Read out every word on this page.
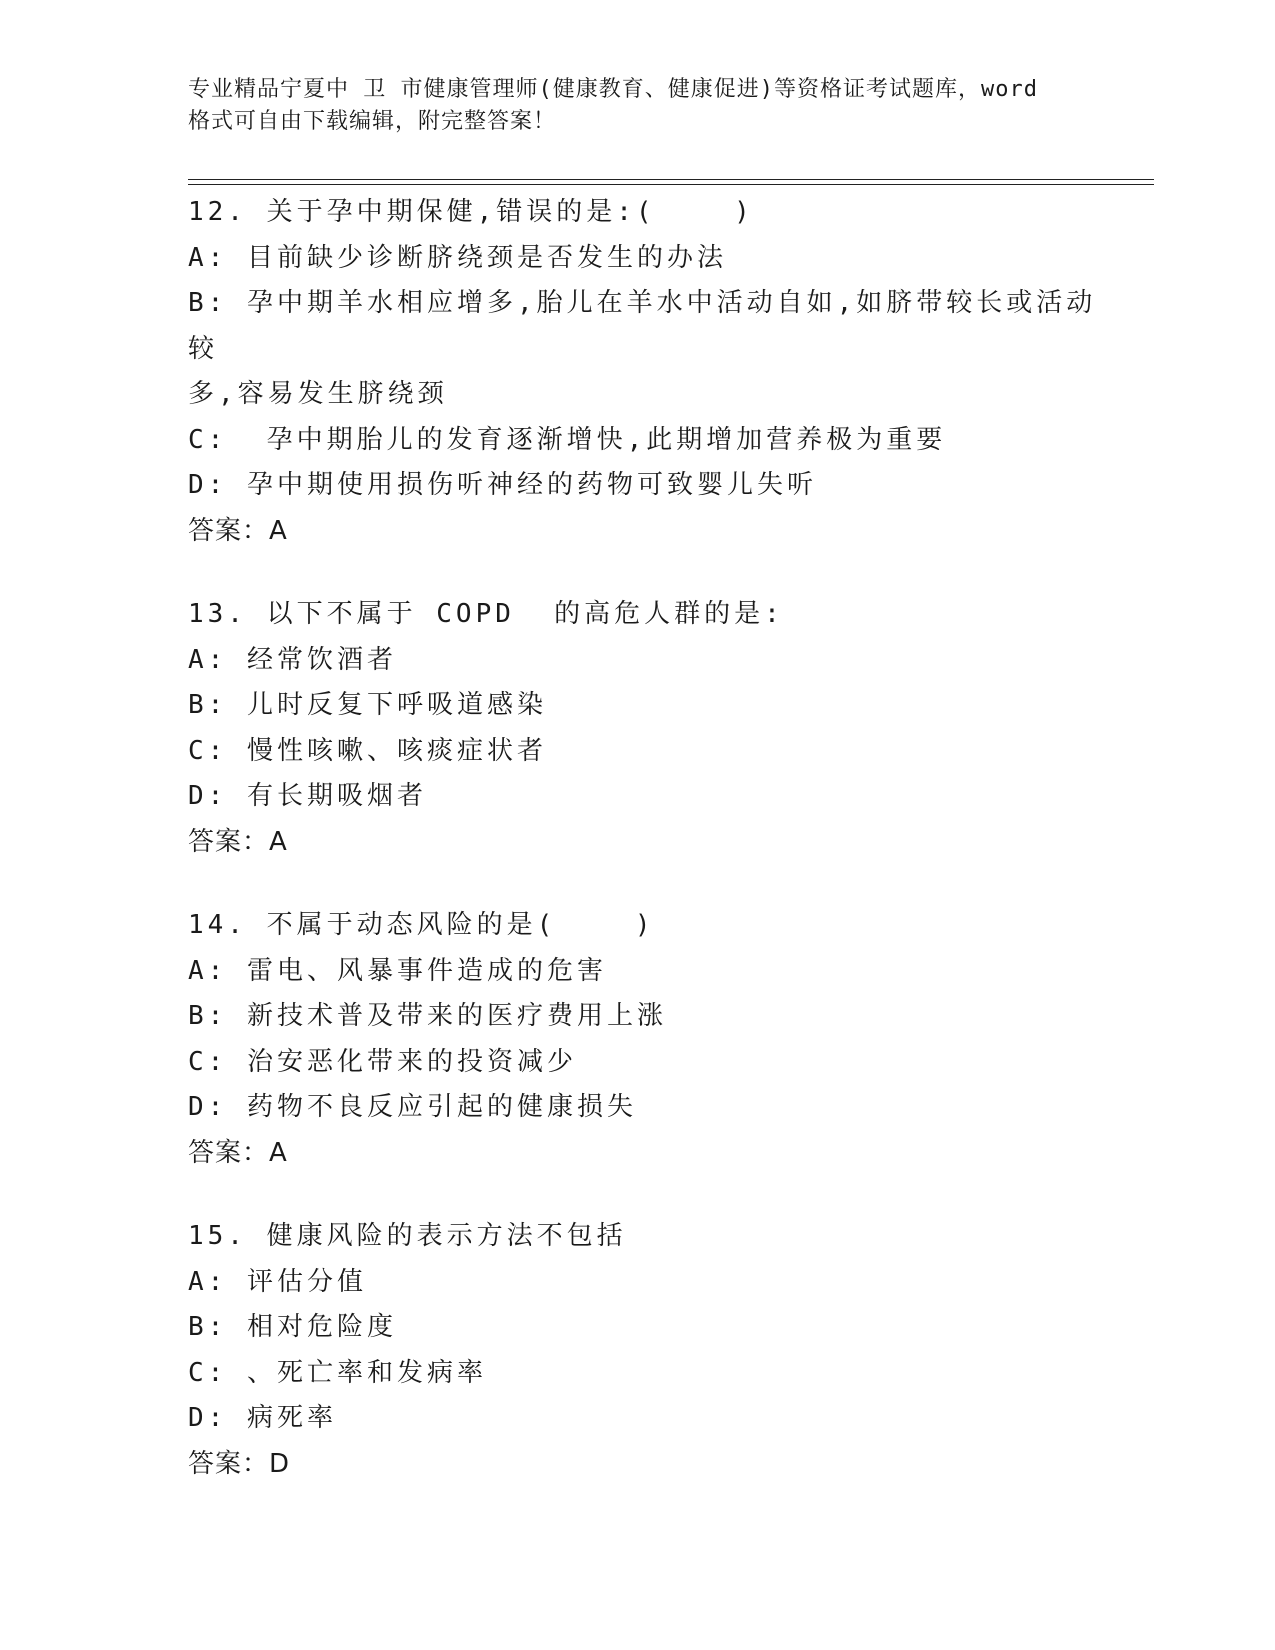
专业精品宁夏中 卫 市健康管理师(健康教育、健康促进)等资格证考试题库，word
格式可自由下载编辑，附完整答案！
12. 关于孕中期保健,错误的是:(    )
A: 目前缺少诊断脐绕颈是否发生的办法
B: 孕中期羊水相应增多,胎儿在羊水中活动自如,如脐带较长或活动较
多,容易发生脐绕颈
C:  孕中期胎儿的发育逐渐增快,此期增加营养极为重要
D: 孕中期使用损伤听神经的药物可致婴儿失听
答案：A
13. 以下不属于 COPD  的高危人群的是:
A: 经常饮酒者
B: 儿时反复下呼吸道感染
C: 慢性咳嗽、咳痰症状者
D: 有长期吸烟者
答案：A
14. 不属于动态风险的是(    )
A: 雷电、风暴事件造成的危害
B: 新技术普及带来的医疗费用上涨
C: 治安恶化带来的投资减少
D: 药物不良反应引起的健康损失
答案：A
15. 健康风险的表示方法不包括
A: 评估分值
B: 相对危险度
C: 、死亡率和发病率
D: 病死率
答案：D
